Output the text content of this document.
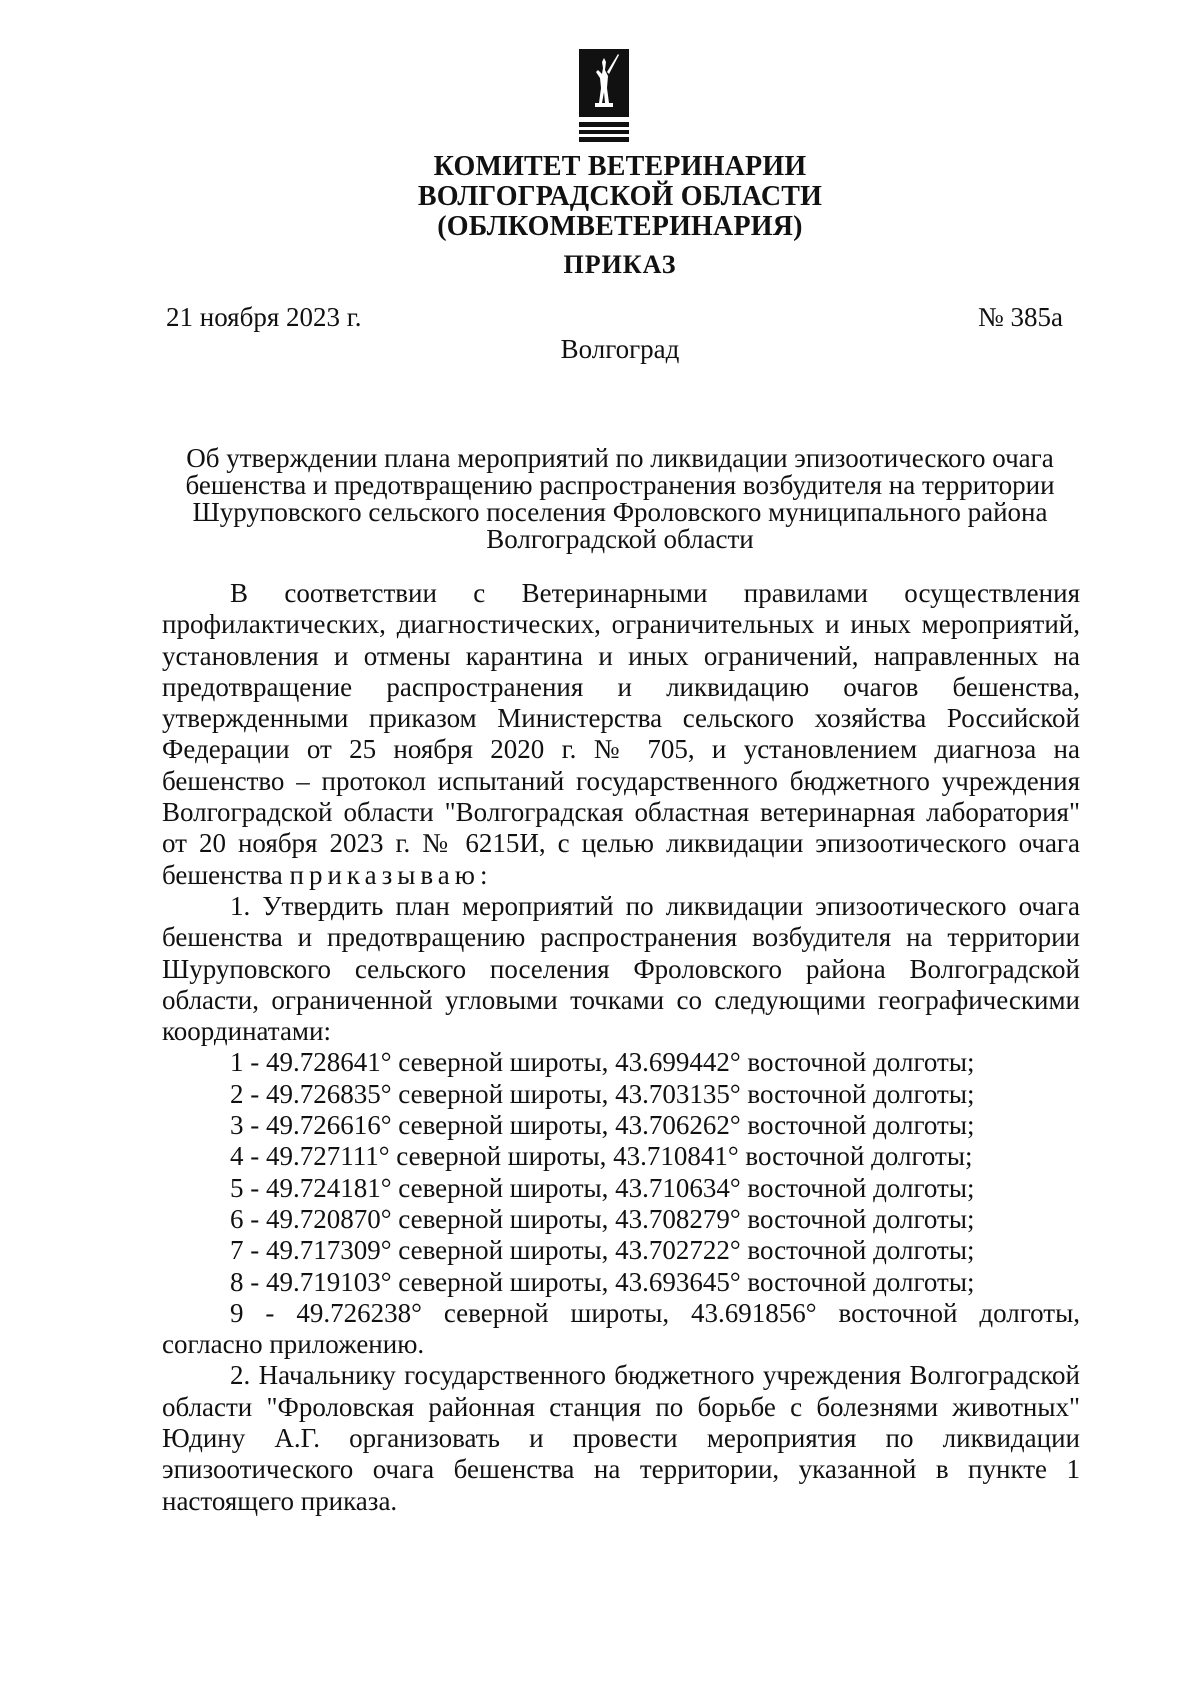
КОМИТЕТ ВЕТЕРИНАРИИ
ВОЛГОГРАДСКОЙ ОБЛАСТИ
(ОБЛКОМВЕТЕРИНАРИЯ)
ПРИКАЗ
21 ноября 2023 г.	№ 385а
Волгоград
Об утверждении плана мероприятий по ликвидации эпизоотического очага
бешенства и предотвращению распространения возбудителя на территории
Шуруповского сельского поселения Фроловского муниципального района
Волгоградской области

В соответствии с Ветеринарными правилами осуществления профилактических, диагностических, ограничительных и иных мероприятий, установления и отмены карантина и иных ограничений, направленных на предотвращение распространения и ликвидацию очагов бешенства, утвержденными приказом Министерства сельского хозяйства Российской Федерации от 25 ноября 2020 г. № 705, и установлением диагноза на бешенство – протокол испытаний государственного бюджетного учреждения Волгоградской области "Волгоградская областная ветеринарная лаборатория" от 20 ноября 2023 г. № 6215И, с целью ликвидации эпизоотического очага бешенства приказываю:

1. Утвердить план мероприятий по ликвидации эпизоотического очага бешенства и предотвращению распространения возбудителя на территории Шуруповского сельского поселения Фроловского района Волгоградской области, ограниченной угловыми точками со следующими географическими координатами:

1 - 49.728641° северной широты, 43.699442° восточной долготы;
2 - 49.726835° северной широты, 43.703135° восточной долготы;
3 - 49.726616° северной широты, 43.706262° восточной долготы;
4 - 49.727111° северной широты, 43.710841° восточной долготы;
5 - 49.724181° северной широты, 43.710634° восточной долготы;
6 - 49.720870° северной широты, 43.708279° восточной долготы;
7 - 49.717309° северной широты, 43.702722° восточной долготы;
8 - 49.719103° северной широты, 43.693645° восточной долготы;
9 - 49.726238° северной широты, 43.691856° восточной долготы,

согласно приложению.

2. Начальнику государственного бюджетного учреждения Волгоградской области "Фроловская районная станция по борьбе с болезнями животных" Юдину А.Г. организовать и провести мероприятия по ликвидации эпизоотического очага бешенства на территории, указанной в пункте 1 настоящего приказа.
